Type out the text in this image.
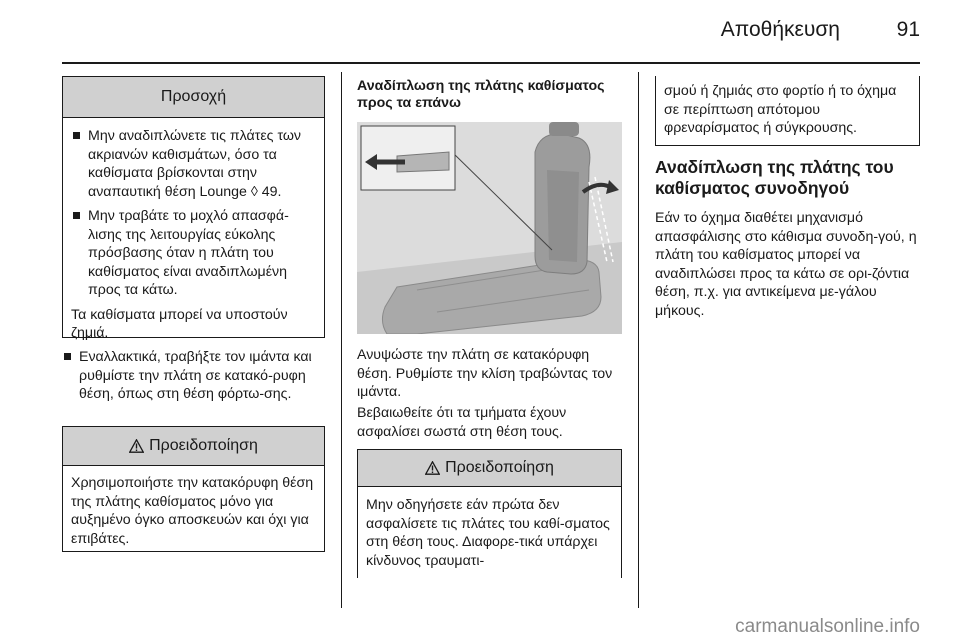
Αποθήκευση	91
Προσοχή
Μην αναδιπλώνετε τις πλάτες των ακριανών καθισμάτων, όσο τα καθίσματα βρίσκονται στην αναπαυτική θέση Lounge ◊ 49.
Μην τραβάτε το μοχλό απασφά-λισης της λειτουργίας εύκολης πρόσβασης όταν η πλάτη του καθίσματος είναι αναδιπλωμένη προς τα κάτω.
Τα καθίσματα μπορεί να υποστούν ζημιά.
Εναλλακτικά, τραβήξτε τον ιμάντα και ρυθμίστε την πλάτη σε κατακό-ρυφη θέση, όπως στη θέση φόρτω-σης.
Προειδοποίηση
Χρησιμοποιήστε την κατακόρυφη θέση της πλάτης καθίσματος μόνο για αυξημένο όγκο αποσκευών και όχι για επιβάτες.
Αναδίπλωση της πλάτης καθίσματος προς τα επάνω
Ανυψώστε την πλάτη σε κατακόρυφη θέση. Ρυθμίστε την κλίση τραβώντας τον ιμάντα.
Βεβαιωθείτε ότι τα τμήματα έχουν ασφαλίσει σωστά στη θέση τους.
Προειδοποίηση
Μην οδηγήσετε εάν πρώτα δεν ασφαλίσετε τις πλάτες του καθί-σματος στη θέση τους. Διαφορε-τικά υπάρχει κίνδυνος τραυματι-
σμού ή ζημιάς στο φορτίο ή το όχημα σε περίπτωση απότομου φρεναρίσματος ή σύγκρουσης.
Αναδίπλωση της πλάτης του καθίσματος συνοδηγού
Εάν το όχημα διαθέτει μηχανισμό απασφάλισης στο κάθισμα συνοδη-γού, η πλάτη του καθίσματος μπορεί να αναδιπλώσει προς τα κάτω σε ορι-ζόντια θέση, π.χ. για αντικείμενα με-γάλου μήκους.
carmanualsonline.info
